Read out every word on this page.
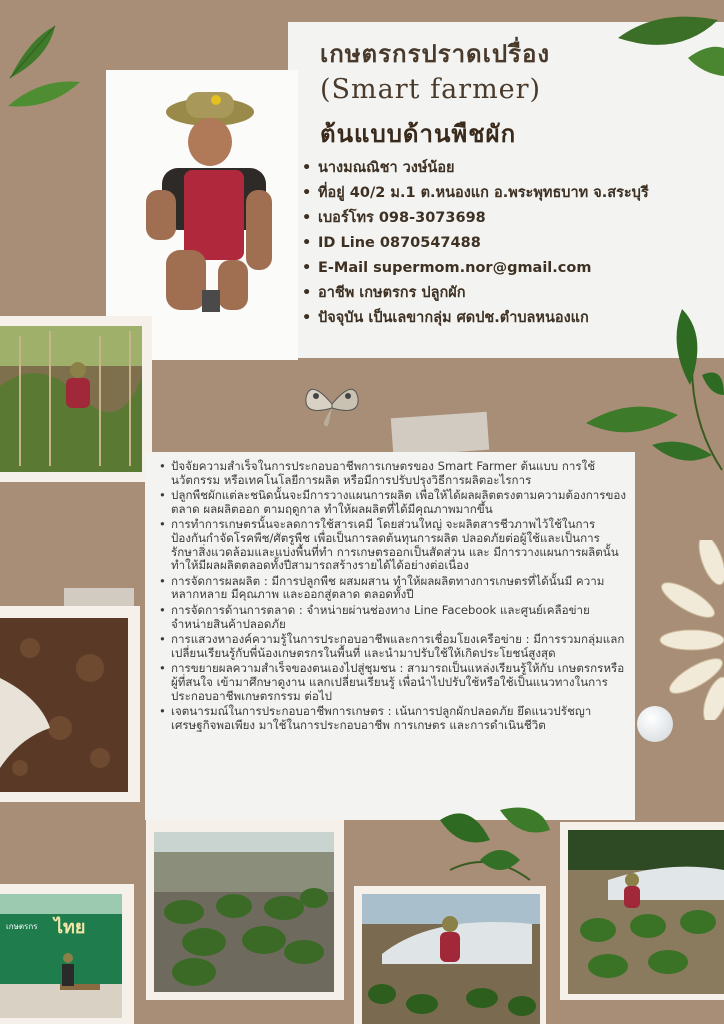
เกษตรกรปราดเปรื่อง
(Smart farmer)
ต้นแบบด้านพืชผัก
• นางมณณิชา วงษ์น้อย
• ที่อยู่ 40/2 ม.1 ต.หนองแก อ.พระพุทธบาท จ.สระบุรี
• เบอร์โทร 098-3073698
• ID Line 0870547488
• E-Mail supermom.nor@gmail.com
• อาชีพ เกษตรกร ปลูกผัก
• ปัจจุบัน เป็นเลขากลุ่ม ศดปช.ตำบลหนองแก
• ปัจจัยความสำเร็จในการประกอบอาชีพการเกษตรของ Smart Farmer ต้นแบบ การใช้นวัตกรรม หรือเทคโนโลยีการผลิต หรือมีการปรับปรุงวิธีการผลิตอะไรการ
• ปลูกพืชผักแต่ละชนิดนั้นจะมีการวางแผนการผลิต เพื่อให้ได้ผลผลิตตรงตามความต้องการของตลาด ผลผลิตออก ตามฤดูกาล ทำให้ผลผลิตที่ได้มีคุณภาพมากขึ้น
• การทำการเกษตรนั้นจะลดการใช้สารเคมี โดยส่วนใหญ่ จะผลิตสารชีวภาพไว้ใช้ในการป้องกันกำจัดโรคพืช/ศัตรูพืช เพื่อเป็นการลดต้นทุนการผลิต ปลอดภัยต่อผู้ใช้และเป็นการรักษาสิ่งแวดล้อมและแบ่งพื้นที่ทำ การเกษตรออกเป็นสัดส่วน และ มีการวางแผนการผลิตนั้น ทำให้มีผลผลิตตลอดทั้งปีสามารถสร้างรายได้ได้อย่างต่อเนื่อง
• การจัดการผลผลิต : มีการปลูกพืช ผสมผสาน ทำให้ผลผลิตทางการเกษตรที่ได้นั้นมี ความหลากหลาย มีคุณภาพ และออกสู่ตลาด ตลอดทั้งปี
• การจัดการด้านการตลาด : จำหน่ายผ่านช่องทาง Line Facebook และศูนย์เคลือข่ายจำหน่ายสินค้าปลอดภัย
• การแสวงหาองค์ความรู้ในการประกอบอาชีพและการเชื่อมโยงเครือข่าย : มีการรวมกลุ่มแลกเปลี่ยนเรียนรู้กับพี่น้องเกษตรกรในพื้นที่ และนำมาปรับใช้ให้เกิดประโยชน์สูงสุด
• การขยายผลความสำเร็จของตนเองไปสู่ชุมชน : สามารถเป็นแหล่งเรียนรู้ให้กับ เกษตรกรหรือผู้ที่สนใจ เข้ามาศึกษาดูงาน แลกเปลี่ยนเรียนรู้ เพื่อนำไปปรับใช้หรือใช้เป็นแนวทางในการประกอบอาชีพเกษตรกรรม ต่อไป
• เจตนารมณ์ในการประกอบอาชีพการเกษตร : เน้นการปลูกผักปลอดภัย ยึดแนวปรัชญา เศรษฐกิจพอเพียง มาใช้ในการประกอบอาชีพ การเกษตร และการดำเนินชีวิต
เกษตรกร ไทย
